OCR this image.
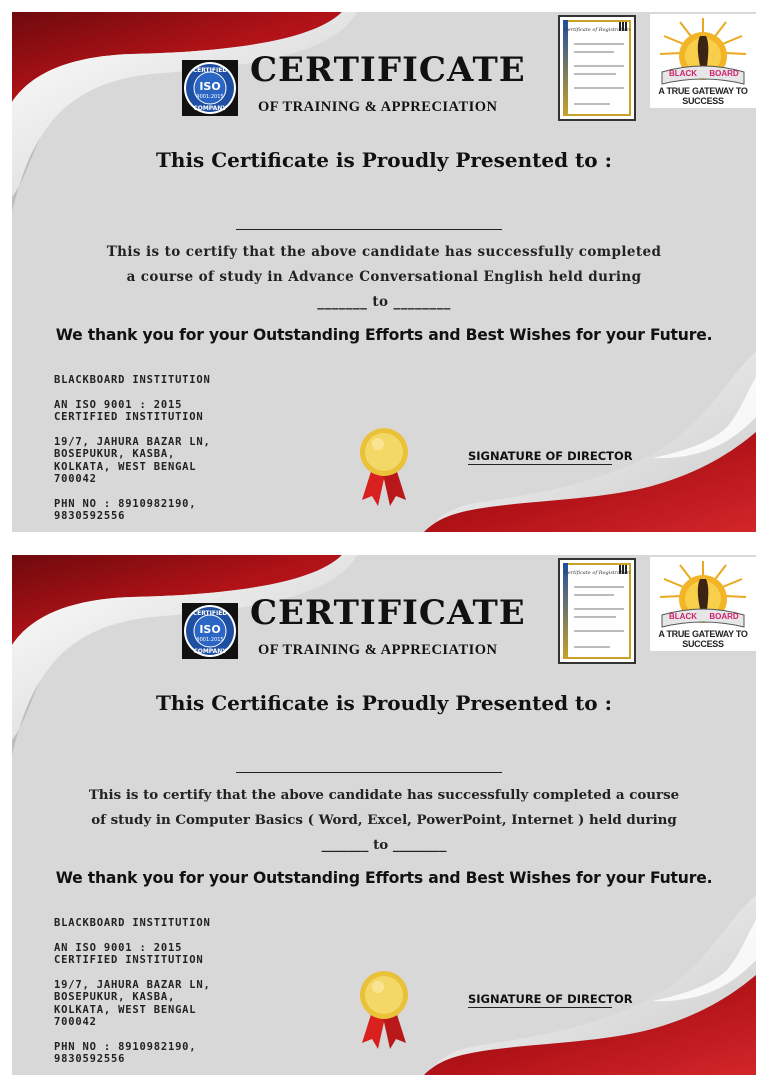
CERTIFIED
ISO
9001:2015
COMPANY
CERTIFICATE
OF TRAINING & APPRECIATION
Certificate of Registration
BLACK BOARD
A TRUE GATEWAY TO SUCCESS
This Certificate is Proudly Presented to :
This is to certify that the above candidate has successfully completed
a course of study in Advance Conversational English held during
_______ to ________
We thank you for your Outstanding Efforts and Best Wishes for your Future.
BLACKBOARD INSTITUTION
AN ISO 9001 : 2015
CERTIFIED INSTITUTION
19/7, JAHURA BAZAR LN,
BOSEPUKUR, KASBA,
KOLKATA, WEST BENGAL
700042
PHN NO : 8910982190,
9830592556
SIGNATURE OF DIRECTOR
CERTIFIED
ISO
9001:2015
COMPANY
CERTIFICATE
OF TRAINING & APPRECIATION
Certificate of Registration
BLACK BOARD
A TRUE GATEWAY TO SUCCESS
This Certificate is Proudly Presented to :
This is to certify that the above candidate has successfully completed a course
of study in Computer Basics ( Word, Excel, PowerPoint, Internet ) held during
_______ to ________
We thank you for your Outstanding Efforts and Best Wishes for your Future.
BLACKBOARD INSTITUTION
AN ISO 9001 : 2015
CERTIFIED INSTITUTION
19/7, JAHURA BAZAR LN,
BOSEPUKUR, KASBA,
KOLKATA, WEST BENGAL
700042
PHN NO : 8910982190,
9830592556
SIGNATURE OF DIRECTOR
